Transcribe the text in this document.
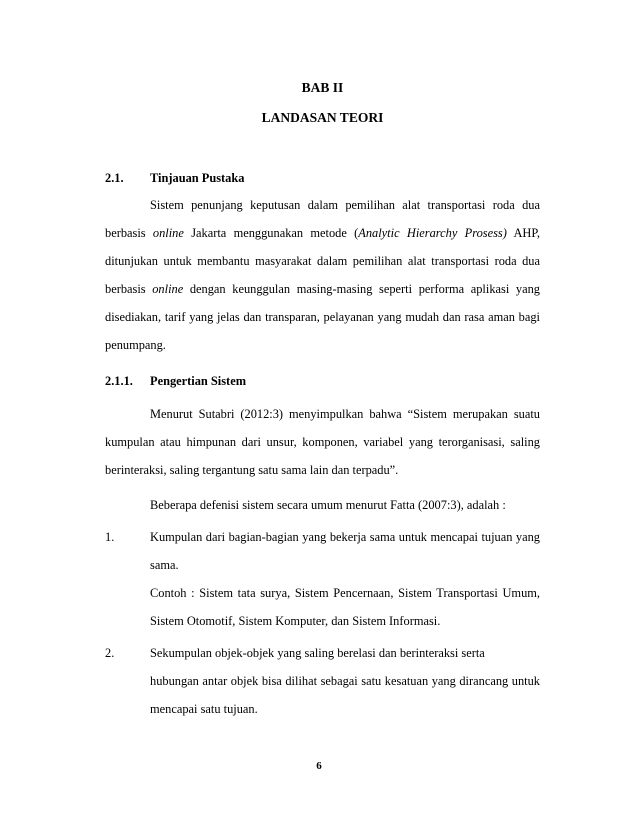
BAB II
LANDASAN TEORI
2.1. Tinjauan Pustaka
Sistem penunjang keputusan dalam pemilihan alat transportasi roda dua
berbasis online Jakarta menggunakan metode (Analytic Hierarchy Prosess) AHP,
ditunjukan untuk membantu masyarakat dalam pemilihan alat transportasi roda dua
berbasis online dengan keunggulan masing-masing seperti performa aplikasi yang
disediakan, tarif yang jelas dan transparan, pelayanan yang mudah dan rasa aman bagi
penumpang.
2.1.1. Pengertian Sistem
Menurut Sutabri (2012:3) menyimpulkan bahwa “Sistem merupakan suatu
kumpulan atau himpunan dari unsur, komponen, variabel yang terorganisasi, saling
berinteraksi, saling tergantung satu sama lain dan terpadu”.
Beberapa defenisi sistem secara umum menurut Fatta (2007:3), adalah :
1.	Kumpulan dari bagian-bagian yang bekerja sama untuk mencapai tujuan yang
sama.
Contoh : Sistem tata surya, Sistem Pencernaan, Sistem Transportasi Umum,
Sistem Otomotif, Sistem Komputer, dan Sistem Informasi.
2.	Sekumpulan objek-objek yang saling berelasi dan berinteraksi serta
hubungan antar objek bisa dilihat sebagai satu kesatuan yang dirancang untuk
mencapai satu tujuan.
6
